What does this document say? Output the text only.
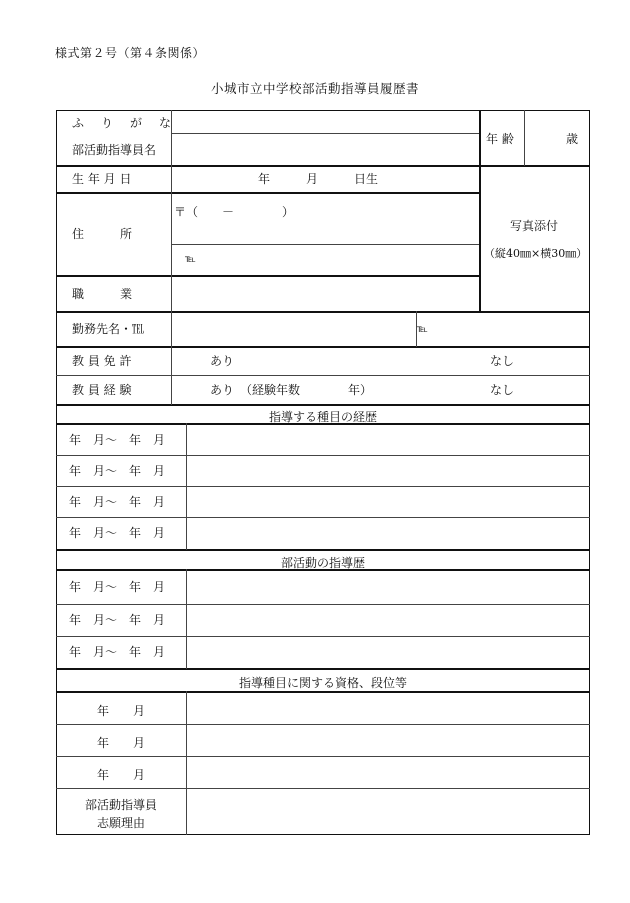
様式第２号（第４条関係）
小城市立中学校部活動指導員履歴書
ふ り が な
部活動指導員名
年 齢	歳
生 年 月 日	年　　　月　　　日生
住　　　所
〒（　　－　　　　）
℡
写真添付
（縦40㎜×横30㎜）
職　　　業
勤務先名・℡	℡
教 員 免 許	あり	なし
教 員 経 験	あり　（経験年数　　　　年）	なし
指導する種目の経歴
年　月～　年　月
年　月～　年　月
年　月～　年　月
年　月～　年　月
部活動の指導歴
年　月～　年　月
年　月～　年　月
年　月～　年　月
指導種目に関する資格、段位等
年　　月
年　　月
年　　月
部活動指導員
志願理由
